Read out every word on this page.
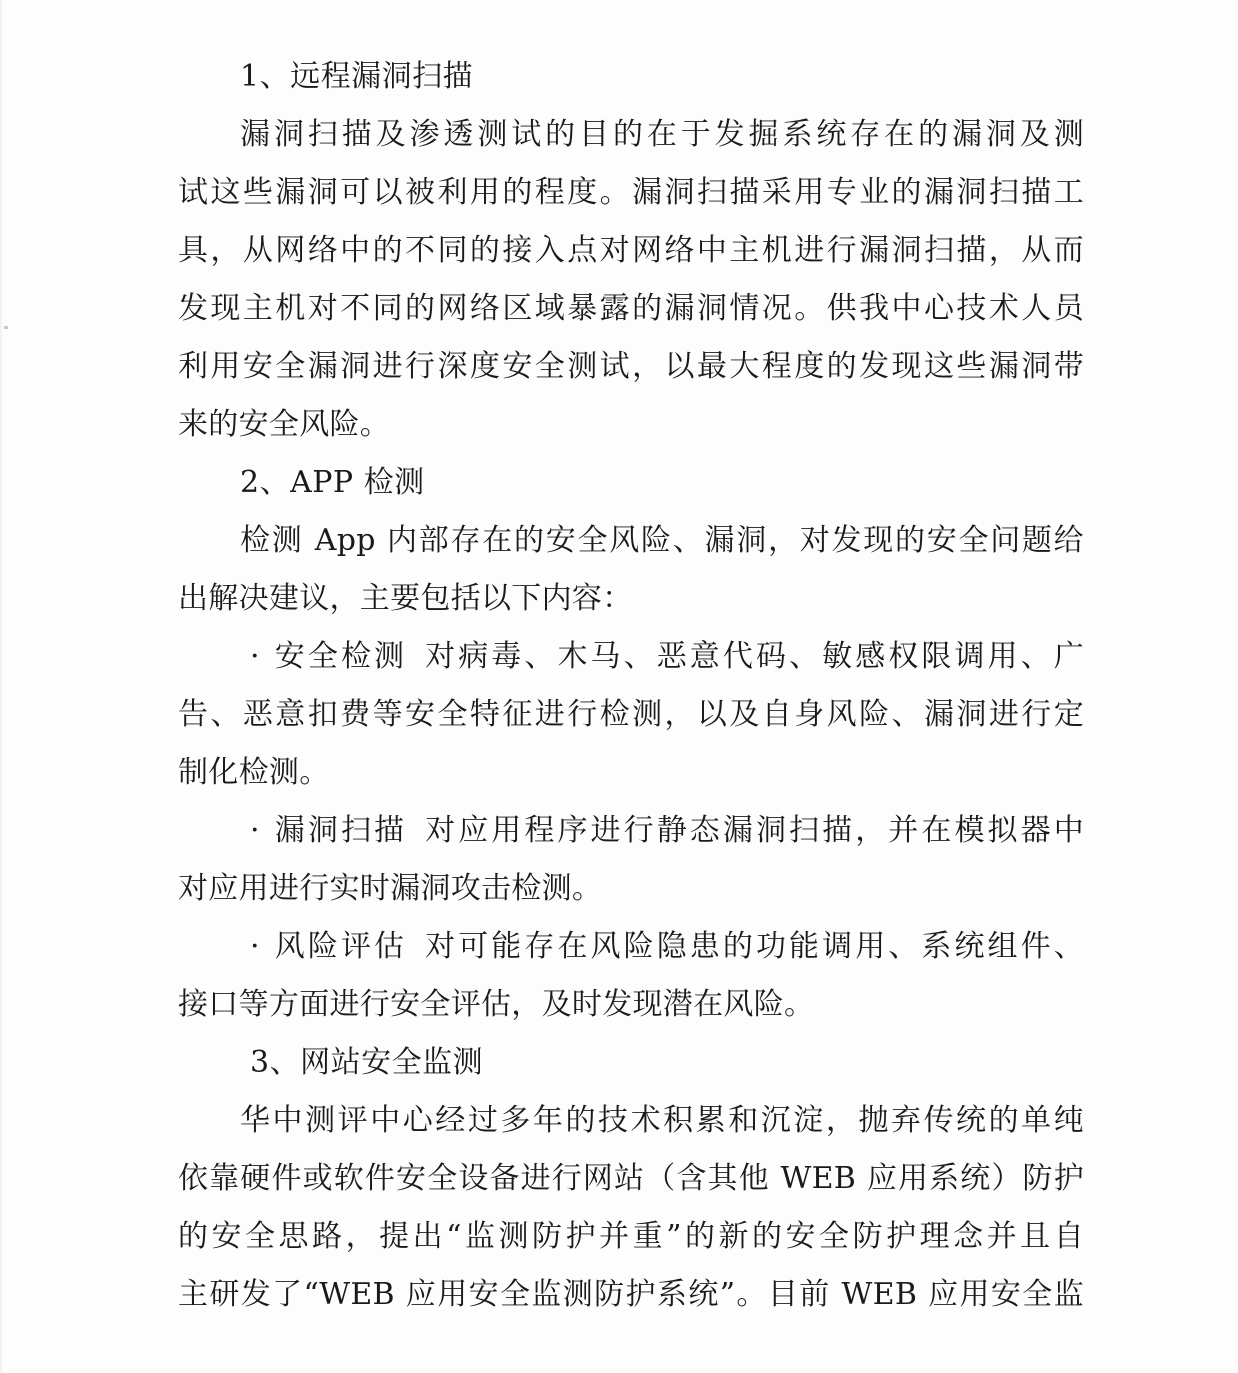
1、远程漏洞扫描
漏洞扫描及渗透测试的目的在于发掘系统存在的漏洞及测
试这些漏洞可以被利用的程度。漏洞扫描采用专业的漏洞扫描工
具，从网络中的不同的接入点对网络中主机进行漏洞扫描，从而
发现主机对不同的网络区域暴露的漏洞情况。供我中心技术人员
利用安全漏洞进行深度安全测试，以最大程度的发现这些漏洞带
来的安全风险。
2、APP 检测
检测 App 内部存在的安全风险、漏洞，对发现的安全问题给
出解决建议，主要包括以下内容：
· 安全检测 对病毒、木马、恶意代码、敏感权限调用、广
告、恶意扣费等安全特征进行检测，以及自身风险、漏洞进行定
制化检测。
· 漏洞扫描 对应用程序进行静态漏洞扫描，并在模拟器中
对应用进行实时漏洞攻击检测。
· 风险评估 对可能存在风险隐患的功能调用、系统组件、
接口等方面进行安全评估，及时发现潜在风险。
3、网站安全监测
华中测评中心经过多年的技术积累和沉淀，抛弃传统的单纯
依靠硬件或软件安全设备进行网站（含其他 WEB 应用系统）防护
的安全思路，提出“监测防护并重”的新的安全防护理念并且自
主研发了“WEB 应用安全监测防护系统”。目前 WEB 应用安全监
